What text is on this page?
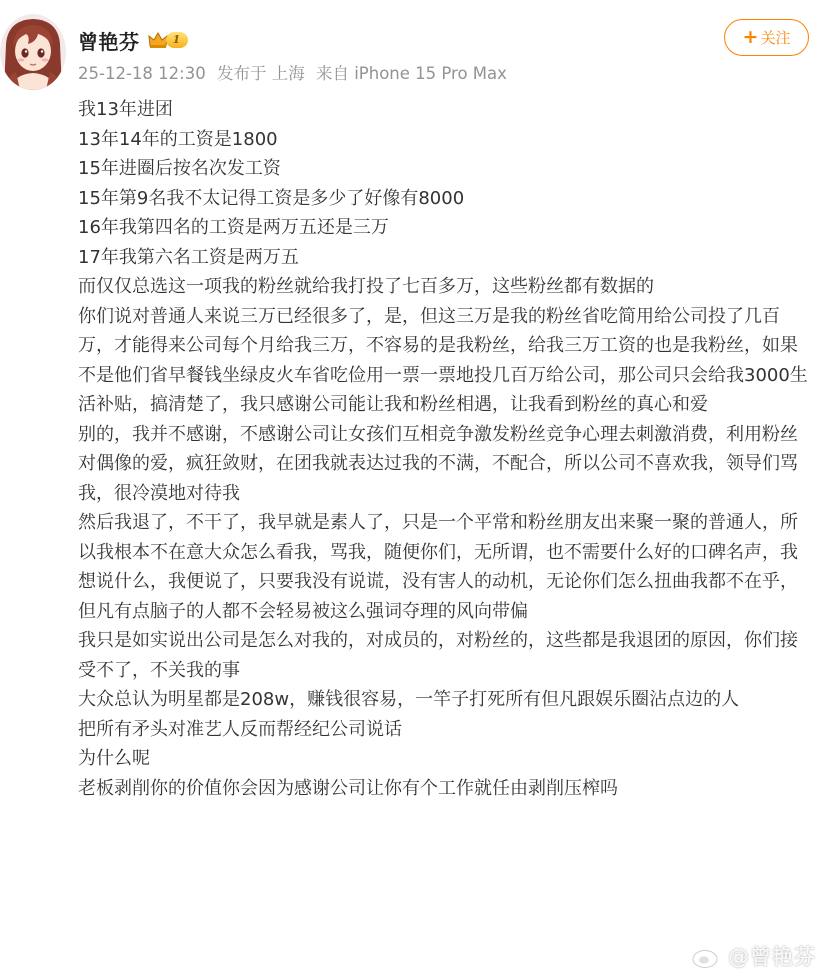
曾艳芬	1
25-12-18 12:30 发布于 上海 来自 iPhone 15 Pro Max
+ 关注

我13年进团

13年14年的工资是1800

15年进圈后按名次发工资

15年第9名我不太记得工资是多少了好像有8000

16年我第四名的工资是两万五还是三万

17年我第六名工资是两万五

而仅仅总选这一项我的粉丝就给我打投了七百多万，这些粉丝都有数据的

你们说对普通人来说三万已经很多了，是，但这三万是我的粉丝省吃简用给公司投了几百万，才能得来公司每个月给我三万，不容易的是我粉丝，给我三万工资的也是我粉丝，如果不是他们省早餐钱坐绿皮火车省吃俭用一票一票地投几百万给公司，那公司只会给我3000生活补贴，搞清楚了，我只感谢公司能让我和粉丝相遇，让我看到粉丝的真心和爱

别的，我并不感谢，不感谢公司让女孩们互相竞争激发粉丝竞争心理去刺激消费，利用粉丝对偶像的爱，疯狂敛财，在团我就表达过我的不满，不配合，所以公司不喜欢我，领导们骂我，很冷漠地对待我

然后我退了，不干了，我早就是素人了，只是一个平常和粉丝朋友出来聚一聚的普通人，所以我根本不在意大众怎么看我，骂我，随便你们，无所谓，也不需要什么好的口碑名声，我想说什么，我便说了，只要我没有说谎，没有害人的动机，无论你们怎么扭曲我都不在乎，但凡有点脑子的人都不会轻易被这么强词夺理的风向带偏

我只是如实说出公司是怎么对我的，对成员的，对粉丝的，这些都是我退团的原因，你们接受不了，不关我的事

大众总认为明星都是208w，赚钱很容易，一竿子打死所有但凡跟娱乐圈沾点边的人

把所有矛头对准艺人反而帮经纪公司说话

为什么呢

老板剥削你的价值你会因为感谢公司让你有个工作就任由剥削压榨吗

@曾艳芬
